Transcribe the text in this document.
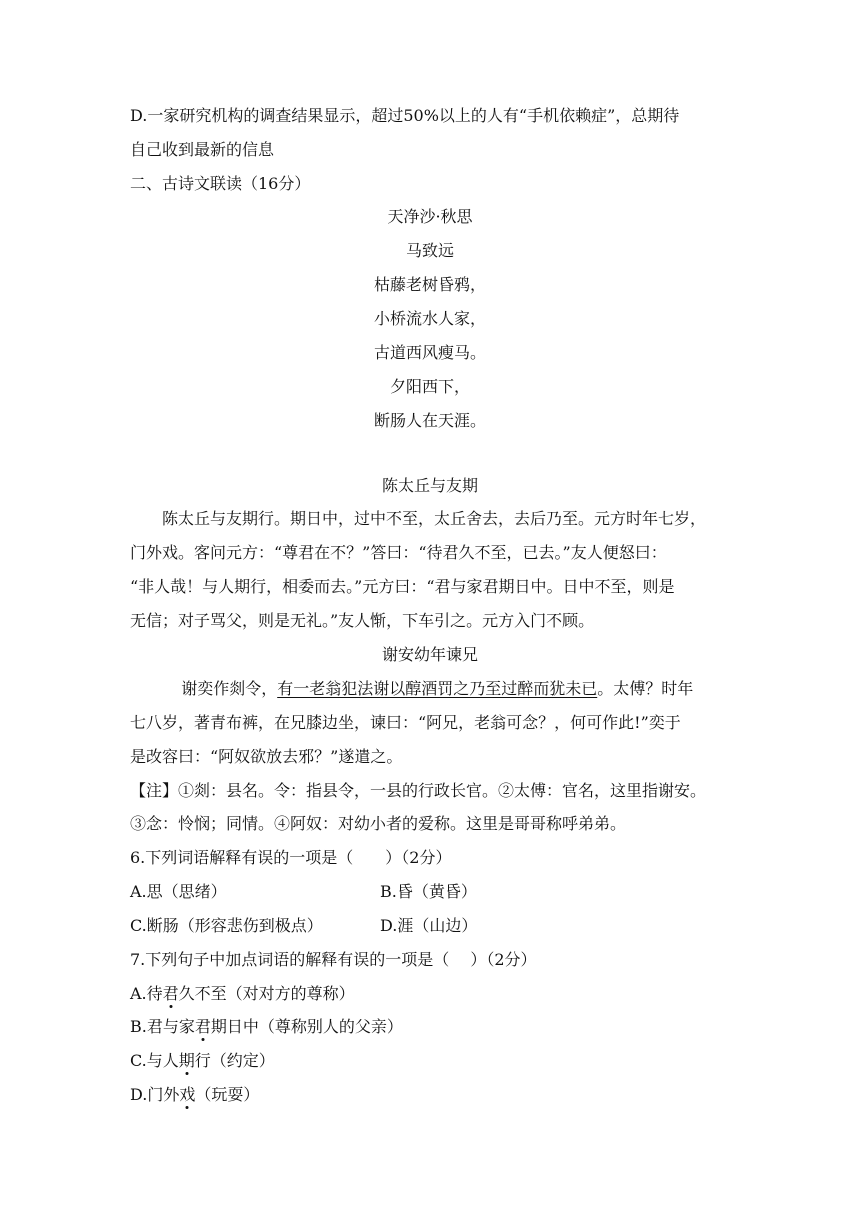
D.一家研究机构的调查结果显示，超过50%以上的人有“手机依赖症”，总期待
自己收到最新的信息
二、古诗文联读（16分）
天净沙·秋思
马致远
枯藤老树昏鸦，
小桥流水人家，
古道西风瘦马。
夕阳西下，
断肠人在天涯。
陈太丘与友期
陈太丘与友期行。期日中，过中不至，太丘舍去，去后乃至。元方时年七岁，
门外戏。客问元方：“尊君在不？”答曰：“待君久不至，已去。”友人便怒曰：
“非人哉！与人期行，相委而去。”元方曰：“君与家君期日中。日中不至，则是
无信；对子骂父，则是无礼。”友人惭，下车引之。元方入门不顾。
谢安幼年谏兄
谢奕作剡令，有一老翁犯法谢以醇酒罚之乃至过醉而犹未已。太傅？时年
七八岁，著青布裤，在兄膝边坐，谏曰：“阿兄，老翁可念？，何可作此!”奕于
是改容曰：“阿奴欲放去邪？”遂遣之。
【注】①剡：县名。令：指县令，一县的行政长官。②太傅：官名，这里指谢安。
③念：怜悯；同情。④阿奴：对幼小者的爱称。这里是哥哥称呼弟弟。
6.下列词语解释有误的一项是（　　）（2分）
A.思（思绪）	B.昏（黄昏）
C.断肠（形容悲伤到极点）	D.涯（山边）
7.下列句子中加点词语的解释有误的一项是（　 ）（2分）
A.待君久不至（对对方的尊称）
B.君与家君期日中（尊称别人的父亲）
C.与人期行（约定）
D.门外戏（玩耍）
